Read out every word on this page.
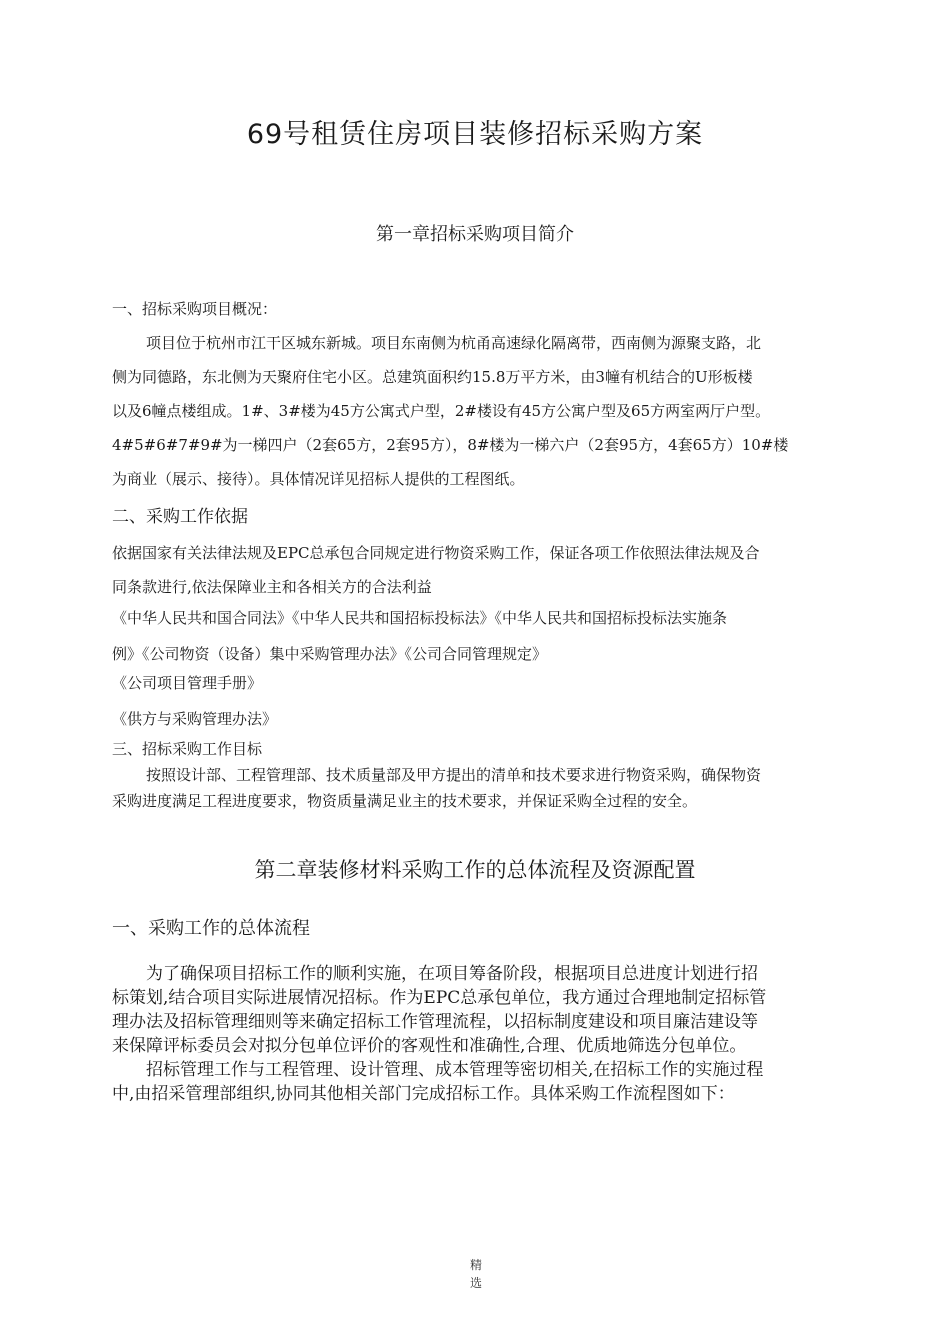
69号租赁住房项目装修招标采购方案
第一章招标采购项目简介
一、招标采购项目概况：
项目位于杭州市江干区城东新城。项目东南侧为杭甬高速绿化隔离带，西南侧为源聚支路，北
侧为同德路，东北侧为天聚府住宅小区。总建筑面积约15.8万平方米，由3幢有机结合的U形板楼
以及6幢点楼组成。1#、3#楼为45方公寓式户型，2#楼设有45方公寓户型及65方两室两厅户型。
4#5#6#7#9#为一梯四户（2套65方，2套95方），8#楼为一梯六户（2套95方，4套65方）10#楼
为商业（展示、接待）。具体情况详见招标人提供的工程图纸。
二、采购工作依据
依据国家有关法律法规及EPC总承包合同规定进行物资采购工作，保证各项工作依照法律法规及合
同条款进行,依法保障业主和各相关方的合法利益
《中华人民共和国合同法》《中华人民共和国招标投标法》《中华人民共和国招标投标法实施条
例》《公司物资（设备）集中采购管理办法》《公司合同管理规定》
《公司项目管理手册》
《供方与采购管理办法》
三、招标采购工作目标
按照设计部、工程管理部、技术质量部及甲方提出的清单和技术要求进行物资采购，确保物资
采购进度满足工程进度要求，物资质量满足业主的技术要求，并保证采购全过程的安全。
第二章装修材料采购工作的总体流程及资源配置
一、采购工作的总体流程
为了确保项目招标工作的顺利实施，在项目筹备阶段，根据项目总进度计划进行招
标策划,结合项目实际进展情况招标。作为EPC总承包单位，我方通过合理地制定招标管
理办法及招标管理细则等来确定招标工作管理流程，以招标制度建设和项目廉洁建设等
来保障评标委员会对拟分包单位评价的客观性和准确性,合理、优质地筛选分包单位。
招标管理工作与工程管理、设计管理、成本管理等密切相关,在招标工作的实施过程
中,由招采管理部组织,协同其他相关部门完成招标工作。具体采购工作流程图如下：
精
选
